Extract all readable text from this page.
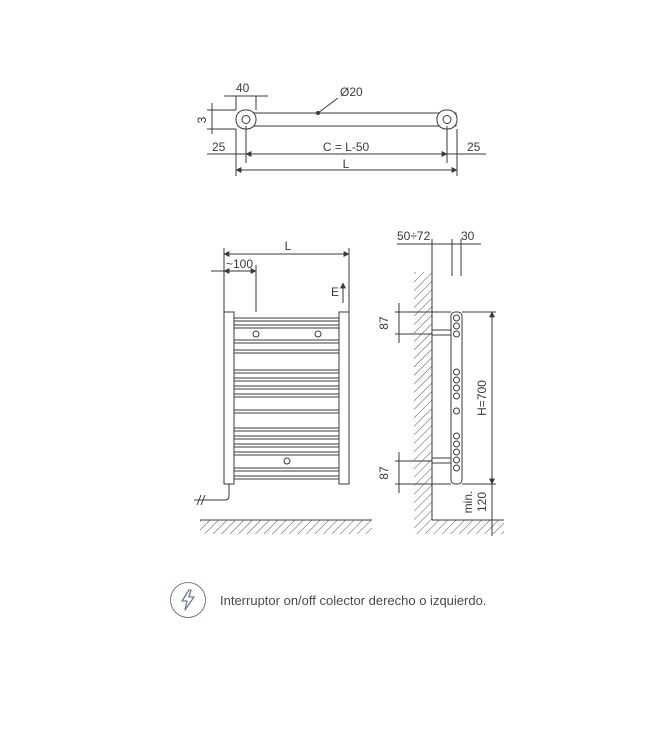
40
3
Ø20
25	C = L-50	25
L
L
~100
E
50÷72	30
87
H=700
87
min. 120
Interruptor on/off colector derecho o izquierdo.
